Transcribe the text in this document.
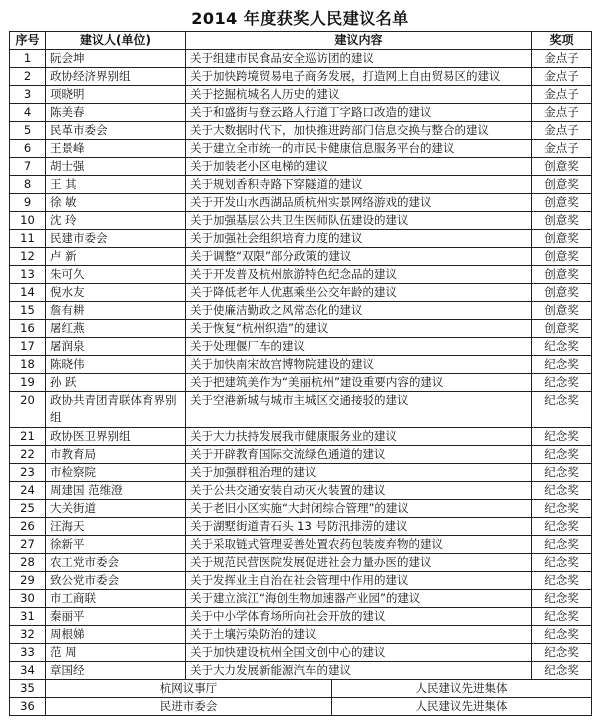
2014 年度获奖人民建议名单
序号	建议人(单位)	建议内容	奖项
1	阮会坤	关于组建市民食品安全巡访团的建议	金点子
2	政协经济界别组	关于加快跨境贸易电子商务发展，打造网上自由贸易区的建议	金点子
3	项晓明	关于挖掘杭城名人历史的建议	金点子
4	陈美春	关于和盛街与登云路人行道丁字路口改造的建议	金点子
5	民革市委会	关于大数据时代下，加快推进跨部门信息交换与整合的建议	金点子
6	王景峰	关于建立全市统一的市民卡健康信息服务平台的建议	金点子
7	胡士强	关于加装老小区电梯的建议	创意奖
8	王 其	关于规划香积寺路下穿隧道的建议	创意奖
9	徐 敏	关于开发山水西湖品质杭州实景网络游戏的建议	创意奖
10	沈 玲	关于加强基层公共卫生医师队伍建设的建议	创意奖
11	民建市委会	关于加强社会组织培育力度的建议	创意奖
12	卢 新	关于调整“双限”部分政策的建议	创意奖
13	朱可久	关于开发普及杭州旅游特色纪念品的建议	创意奖
14	倪水友	关于降低老年人优惠乘坐公交年龄的建议	创意奖
15	詹有耕	关于使廉洁勤政之风常态化的建议	创意奖
16	屠红燕	关于恢复“杭州织造”的建议	创意奖
17	屠润泉	关于处理偃厂车的建议	纪念奖
18	陈晓伟	关于加快南宋故宫博物院建设的建议	纪念奖
19	孙 跃	关于把建筑美作为“美丽杭州”建设重要内容的建议	纪念奖
20	政协共青团青联体育界别组	关于空港新城与城市主城区交通接驳的建议	纪念奖
21	政协医卫界别组	关于大力扶持发展我市健康服务业的建议	纪念奖
22	市教育局	关于开辟教育国际交流绿色通道的建议	纪念奖
23	市检察院	关于加强群租治理的建议	纪念奖
24	周建国 范维澄	关于公共交通安装自动灭火装置的建议	纪念奖
25	大关街道	关于老旧小区实施“大封闭综合管理”的建议	纪念奖
26	汪海天	关于湖墅街道青石头 13 号防汛排涝的建议	纪念奖
27	徐新平	关于采取链式管理妥善处置农药包装废弃物的建议	纪念奖
28	农工党市委会	关于规范民营医院发展促进社会力量办医的建议	纪念奖
29	致公党市委会	关于发挥业主自治在社会管理中作用的建议	纪念奖
30	市工商联	关于建立滨江“海创生物加速器产业园”的建议	纪念奖
31	秦丽平	关于中小学体育场所向社会开放的建议	纪念奖
32	周根娣	关于土壤污染防治的建议	纪念奖
33	范 周	关于加快建设杭州全国文创中心的建议	纪念奖
34	章国经	关于大力发展新能源汽车的建议	纪念奖
35	杭网议事厅 人民建议先进集体		

36	民进市委会 人民建议先进集体		
